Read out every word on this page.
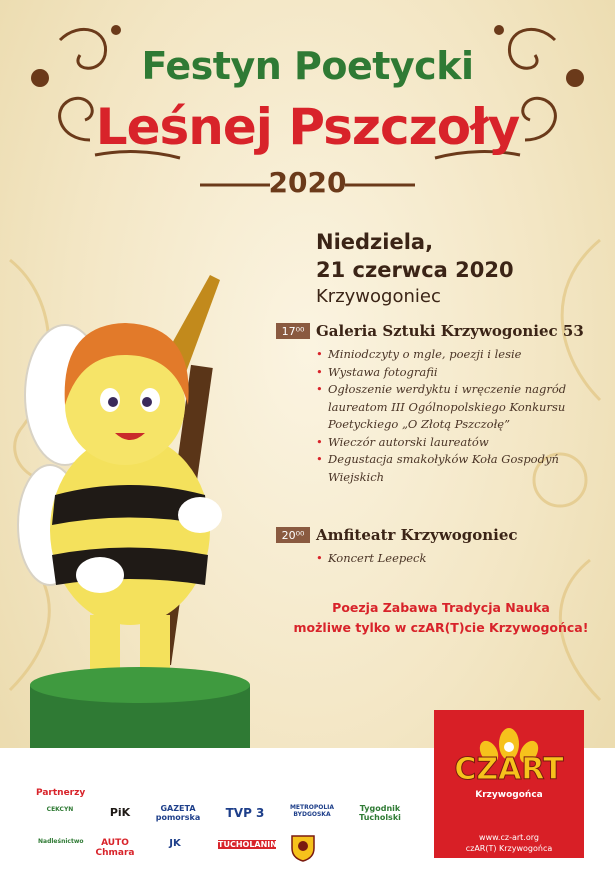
Festyn Poetycki
Leśnej Pszczoły
2020
Niedziela,
21 czerwca 2020
Krzywogoniec
17⁰⁰ Galeria Sztuki Krzywogoniec 53
• Miniodczyty o mgle, poezji i lesie
• Wystawa fotografii
• Ogłoszenie werdyktu i wręczenie nagród laureatom III Ogólnopolskiego Konkursu Poetyckiego „O Złotą Pszczołę”
• Wieczór autorski laureatów
• Degustacja smakołyków Koła Gospodyń Wiejskich
20⁰⁰ Amfiteatr Krzywogoniec
• Koncert Leepeck
Poezja Zabawa Tradycja Nauka
możliwe tylko w czAR(T)cie Krzywogońca!
Partnerzy
CEKCYN	PiK	GAZETA pomorska	TVP 3	METROPOLIA BYDGOSKA
Tygodnik Tucholski
AUTO Chmara
JK	TUCHOLANIN
Nadleśnictwo
CZART
Krzywogońca
www.cz-art.org
czAR(T) Krzywogońca
